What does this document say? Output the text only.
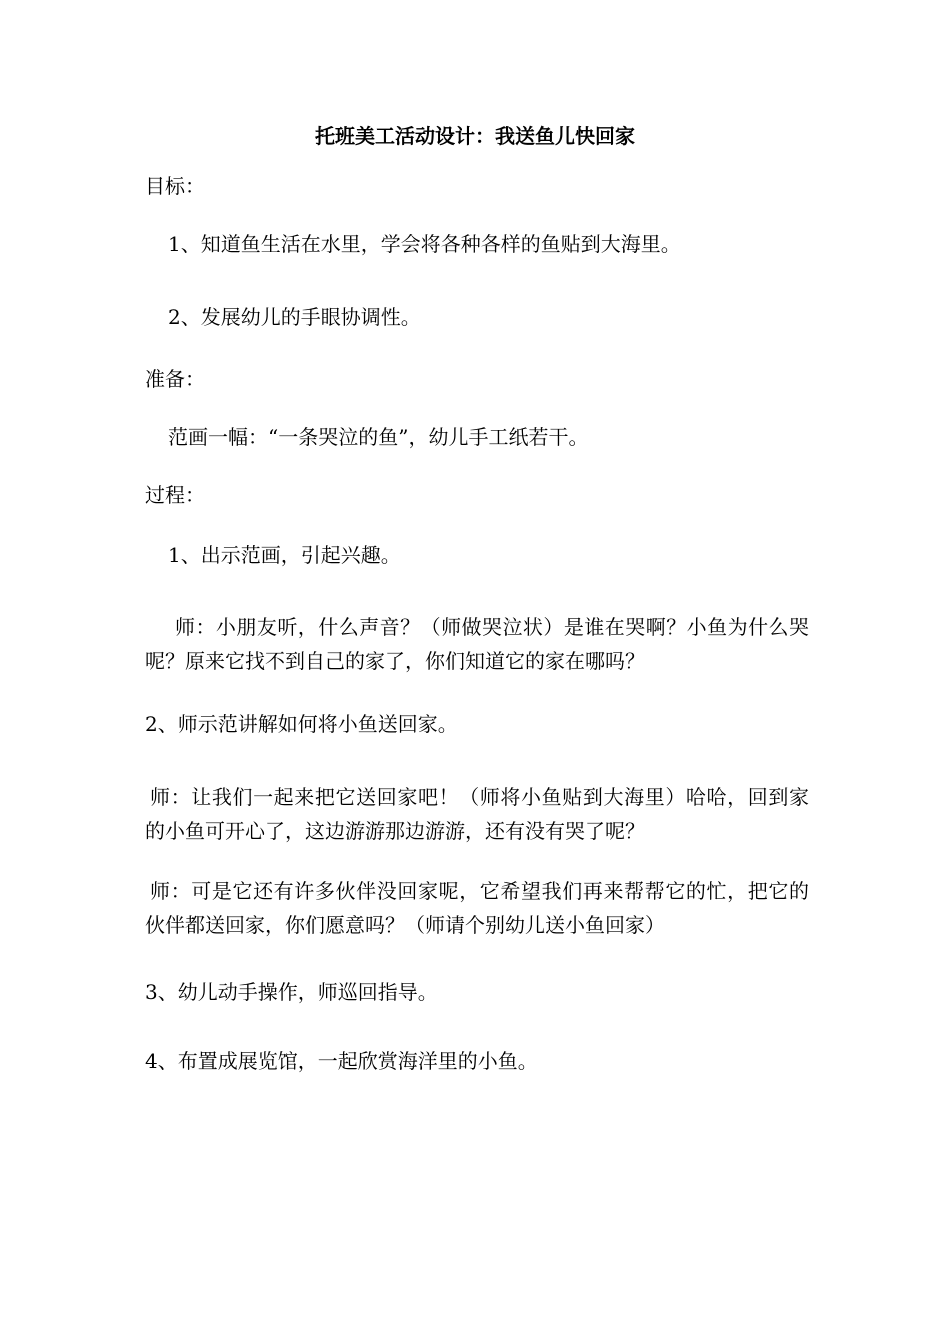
托班美工活动设计：我送鱼儿快回家
目标：
1、知道鱼生活在水里，学会将各种各样的鱼贴到大海里。
2、发展幼儿的手眼协调性。
准备：
范画一幅：“一条哭泣的鱼”，幼儿手工纸若干。
过程：
1、出示范画，引起兴趣。
师：小朋友听，什么声音？（师做哭泣状）是谁在哭啊？小鱼为什么哭呢？原来它找不到自己的家了，你们知道它的家在哪吗？
2、师示范讲解如何将小鱼送回家。
师：让我们一起来把它送回家吧！（师将小鱼贴到大海里）哈哈，回到家的小鱼可开心了，这边游游那边游游，还有没有哭了呢？
师：可是它还有许多伙伴没回家呢，它希望我们再来帮帮它的忙，把它的伙伴都送回家，你们愿意吗？（师请个别幼儿送小鱼回家）
3、幼儿动手操作，师巡回指导。
4、布置成展览馆，一起欣赏海洋里的小鱼。
